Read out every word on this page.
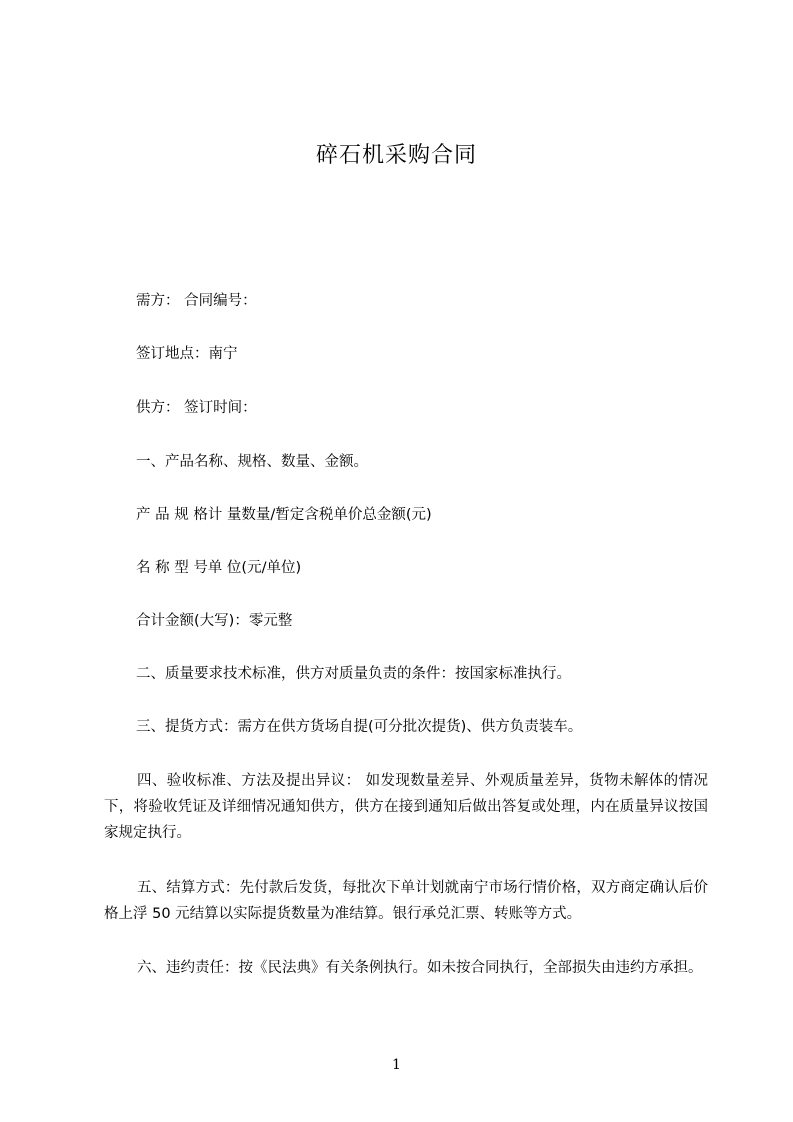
碎石机采购合同
需方： 合同编号：
签订地点：南宁
供方： 签订时间：
一、产品名称、规格、数量、金额。
产 品 规 格计 量数量/暂定含税单价总金额(元)
名 称 型 号单 位(元/单位)
合计金额(大写)：零元整
二、质量要求技术标准，供方对质量负责的条件：按国家标准执行。
三、提货方式：需方在供方货场自提(可分批次提货)、供方负责装车。
四、验收标准、方法及提出异议： 如发现数量差异、外观质量差异，货物未解体的情况下，将验收凭证及详细情况通知供方，供方在接到通知后做出答复或处理，内在质量异议按国家规定执行。
五、结算方式：先付款后发货，每批次下单计划就南宁市场行情价格，双方商定确认后价格上浮 50 元结算以实际提货数量为准结算。银行承兑汇票、转账等方式。
六、违约责任：按《民法典》有关条例执行。如未按合同执行，全部损失由违约方承担。
1
